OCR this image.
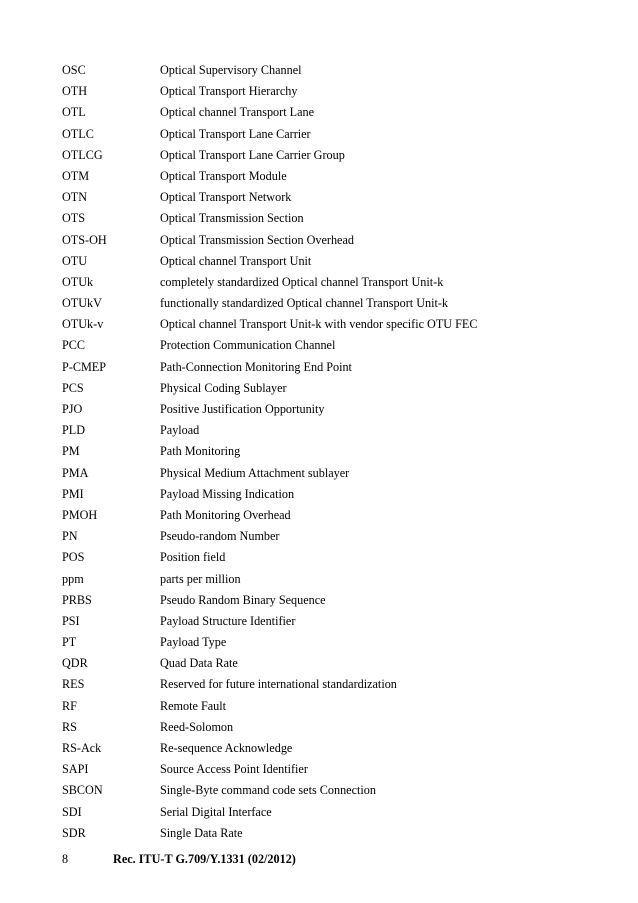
OSC	Optical Supervisory Channel
OTH	Optical Transport Hierarchy
OTL	Optical channel Transport Lane
OTLC	Optical Transport Lane Carrier
OTLCG	Optical Transport Lane Carrier Group
OTM	Optical Transport Module
OTN	Optical Transport Network
OTS	Optical Transmission Section
OTS-OH	Optical Transmission Section Overhead
OTU	Optical channel Transport Unit
OTUk	completely standardized Optical channel Transport Unit-k
OTUkV	functionally standardized Optical channel Transport Unit-k
OTUk-v	Optical channel Transport Unit-k with vendor specific OTU FEC
PCC	Protection Communication Channel
P-CMEP	Path-Connection Monitoring End Point
PCS	Physical Coding Sublayer
PJO	Positive Justification Opportunity
PLD	Payload
PM	Path Monitoring
PMA	Physical Medium Attachment sublayer
PMI	Payload Missing Indication
PMOH	Path Monitoring Overhead
PN	Pseudo-random Number
POS	Position field
ppm	parts per million
PRBS	Pseudo Random Binary Sequence
PSI	Payload Structure Identifier
PT	Payload Type
QDR	Quad Data Rate
RES	Reserved for future international standardization
RF	Remote Fault
RS	Reed-Solomon
RS-Ack	Re-sequence Acknowledge
SAPI	Source Access Point Identifier
SBCON	Single-Byte command code sets Connection
SDI	Serial Digital Interface
SDR	Single Data Rate
8	Rec. ITU-T G.709/Y.1331 (02/2012)
